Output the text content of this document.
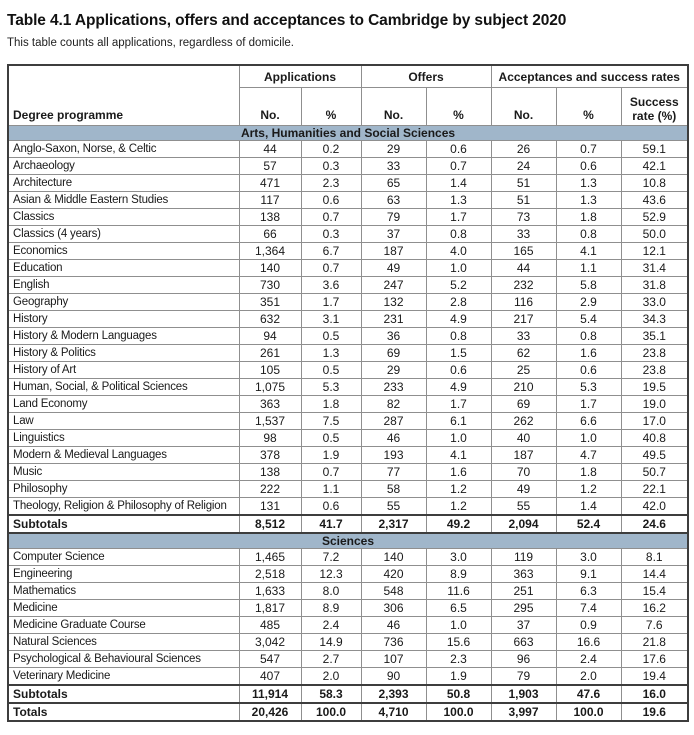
Table 4.1 Applications, offers and acceptances to Cambridge by subject 2020

This table counts all applications, regardless of domicile.

Degree programme	Applications		Offers		Acceptances and success rates		
	No.	%	No.	%	No.	%	Success rate (%)
Arts, Humanities and Social Sciences							
Anglo-Saxon, Norse, & Celtic	44	0.2	29	0.6	26	0.7	59.1
Archaeology	57	0.3	33	0.7	24	0.6	42.1
Architecture	471	2.3	65	1.4	51	1.3	10.8
Asian & Middle Eastern Studies	117	0.6	63	1.3	51	1.3	43.6
Classics	138	0.7	79	1.7	73	1.8	52.9
Classics (4 years)	66	0.3	37	0.8	33	0.8	50.0
Economics	1,364	6.7	187	4.0	165	4.1	12.1
Education	140	0.7	49	1.0	44	1.1	31.4
English	730	3.6	247	5.2	232	5.8	31.8
Geography	351	1.7	132	2.8	116	2.9	33.0
History	632	3.1	231	4.9	217	5.4	34.3
History & Modern Languages	94	0.5	36	0.8	33	0.8	35.1
History & Politics	261	1.3	69	1.5	62	1.6	23.8
History of Art	105	0.5	29	0.6	25	0.6	23.8
Human, Social, & Political Sciences	1,075	5.3	233	4.9	210	5.3	19.5
Land Economy	363	1.8	82	1.7	69	1.7	19.0
Law	1,537	7.5	287	6.1	262	6.6	17.0
Linguistics	98	0.5	46	1.0	40	1.0	40.8
Modern & Medieval Languages	378	1.9	193	4.1	187	4.7	49.5
Music	138	0.7	77	1.6	70	1.8	50.7
Philosophy	222	1.1	58	1.2	49	1.2	22.1
Theology, Religion & Philosophy of Religion	131	0.6	55	1.2	55	1.4	42.0
Subtotals	8,512	41.7	2,317	49.2	2,094	52.4	24.6
Sciences							
Computer Science	1,465	7.2	140	3.0	119	3.0	8.1
Engineering	2,518	12.3	420	8.9	363	9.1	14.4
Mathematics	1,633	8.0	548	11.6	251	6.3	15.4
Medicine	1,817	8.9	306	6.5	295	7.4	16.2
Medicine Graduate Course	485	2.4	46	1.0	37	0.9	7.6
Natural Sciences	3,042	14.9	736	15.6	663	16.6	21.8
Psychological & Behavioural Sciences	547	2.7	107	2.3	96	2.4	17.6
Veterinary Medicine	407	2.0	90	1.9	79	2.0	19.4
Subtotals	11,914	58.3	2,393	50.8	1,903	47.6	16.0
Totals	20,426	100.0	4,710	100.0	3,997	100.0	19.6
